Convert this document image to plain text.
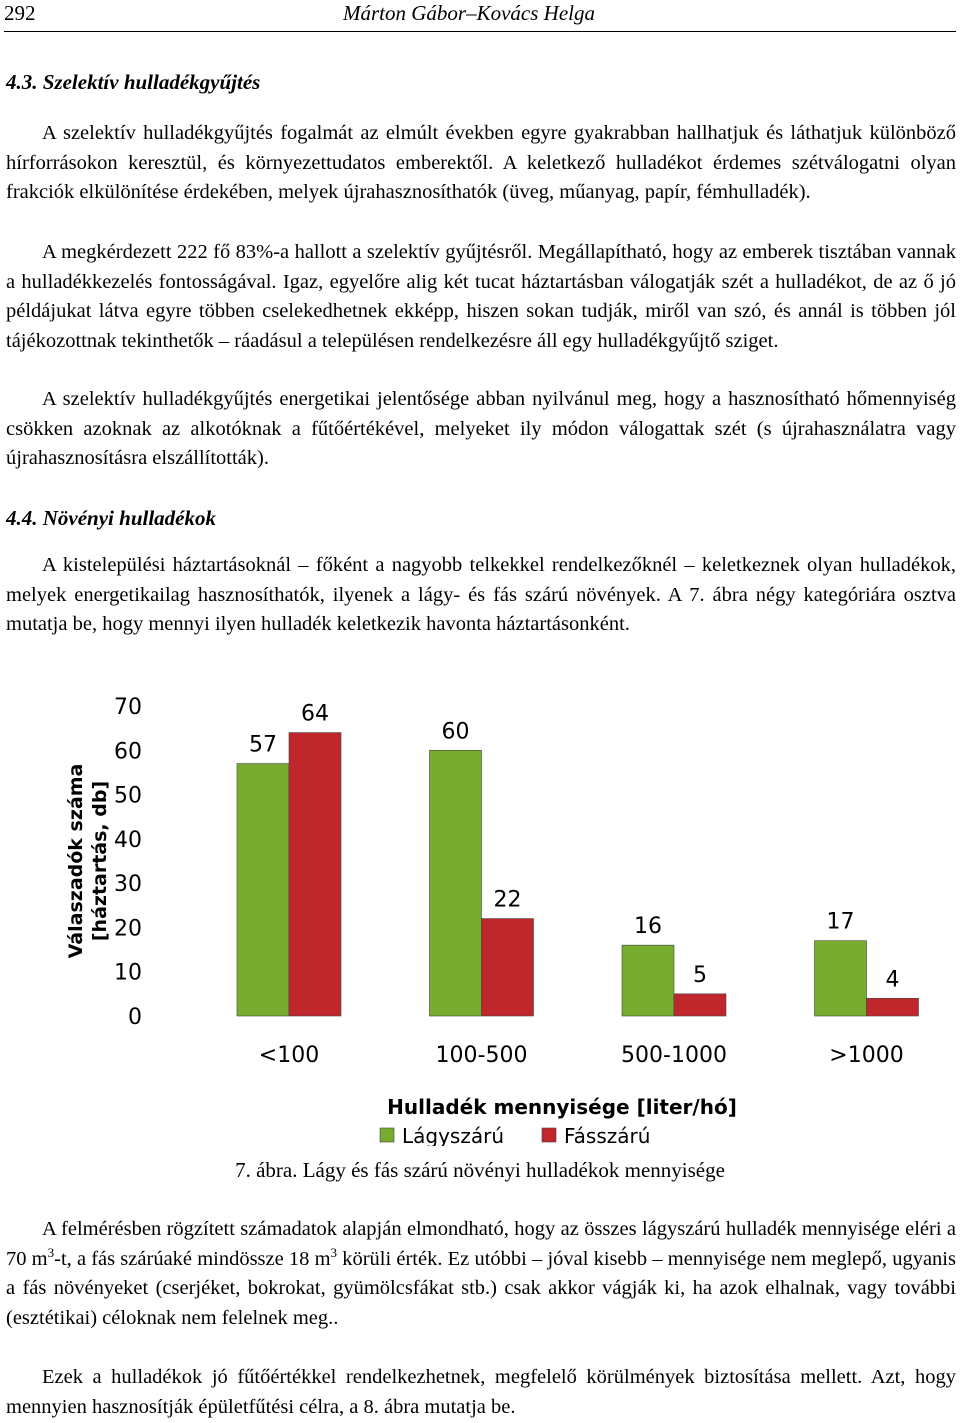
292	Márton Gábor–Kovács Helga
4.3. Szelektív hulladékgyűjtés

A szelektív hulladékgyűjtés fogalmát az elmúlt években egyre gyakrabban hallhatjuk és láthatjuk különböző hírforrásokon keresztül, és környezettudatos emberektől. A keletkező hulladékot érdemes szétválogatni olyan frakciók elkülönítése érdekében, melyek újrahasznosíthatók (üveg, műanyag, papír, fémhulladék).

A megkérdezett 222 fő 83%-a hallott a szelektív gyűjtésről. Megállapítható, hogy az emberek tisztában vannak a hulladékkezelés fontosságával. Igaz, egyelőre alig két tucat háztartásban válogatják szét a hulladékot, de az ő jó példájukat látva egyre többen cselekedhetnek ekképp, hiszen sokan tudják, miről van szó, és annál is többen jól tájékozottnak tekinthetők – ráadásul a településen rendelkezésre áll egy hulladékgyűjtő sziget.

A szelektív hulladékgyűjtés energetikai jelentősége abban nyilvánul meg, hogy a hasznosítható hőmennyiség csökken azoknak az alkotóknak a fűtőértékével, melyeket ily módon válogattak szét (s újrahasználatra vagy újrahasznosításra elszállították).

4.4. Növényi hulladékok

A kistelepülési háztartásoknál – főként a nagyobb telkekkel rendelkezőknél – keletkeznek olyan hulladékok, melyek energetikailag hasznosíthatók, ilyenek a lágy- és fás szárú növények. A 7. ábra négy kategóriára osztva mutatja be, hogy mennyi ilyen hulladék keletkezik havonta háztartásonként.

0
10
20
30
40
50
60
70
Válaszadók száma [háztartás, db]
57
64
<100
60
22
100-500
16
5
500-1000
17
4
>1000
Hulladék mennyisége [liter/hó]
Lágyszárú	Fásszárú

7. ábra. Lágy és fás szárú növényi hulladékok mennyisége

A felmérésben rögzített számadatok alapján elmondható, hogy az összes lágyszárú hulladék mennyisége eléri a 70 $m^3-t$, a fás szárúaké mindössze 18 $m^3$ körüli érték. Ez utóbbi – jóval kisebb – mennyisége nem meglepő, ugyanis a fás növényeket (cserjéket, bokrokat, gyümölcsfákat stb.) csak akkor vágják ki, ha azok elhalnak, vagy további (esztétikai) céloknak nem felelnek meg..

Ezek a hulladékok jó fűtőértékkel rendelkezhetnek, megfelelő körülmények biztosítása mellett. Azt, hogy mennyien hasznosítják épületfűtési célra, a 8. ábra mutatja be.
